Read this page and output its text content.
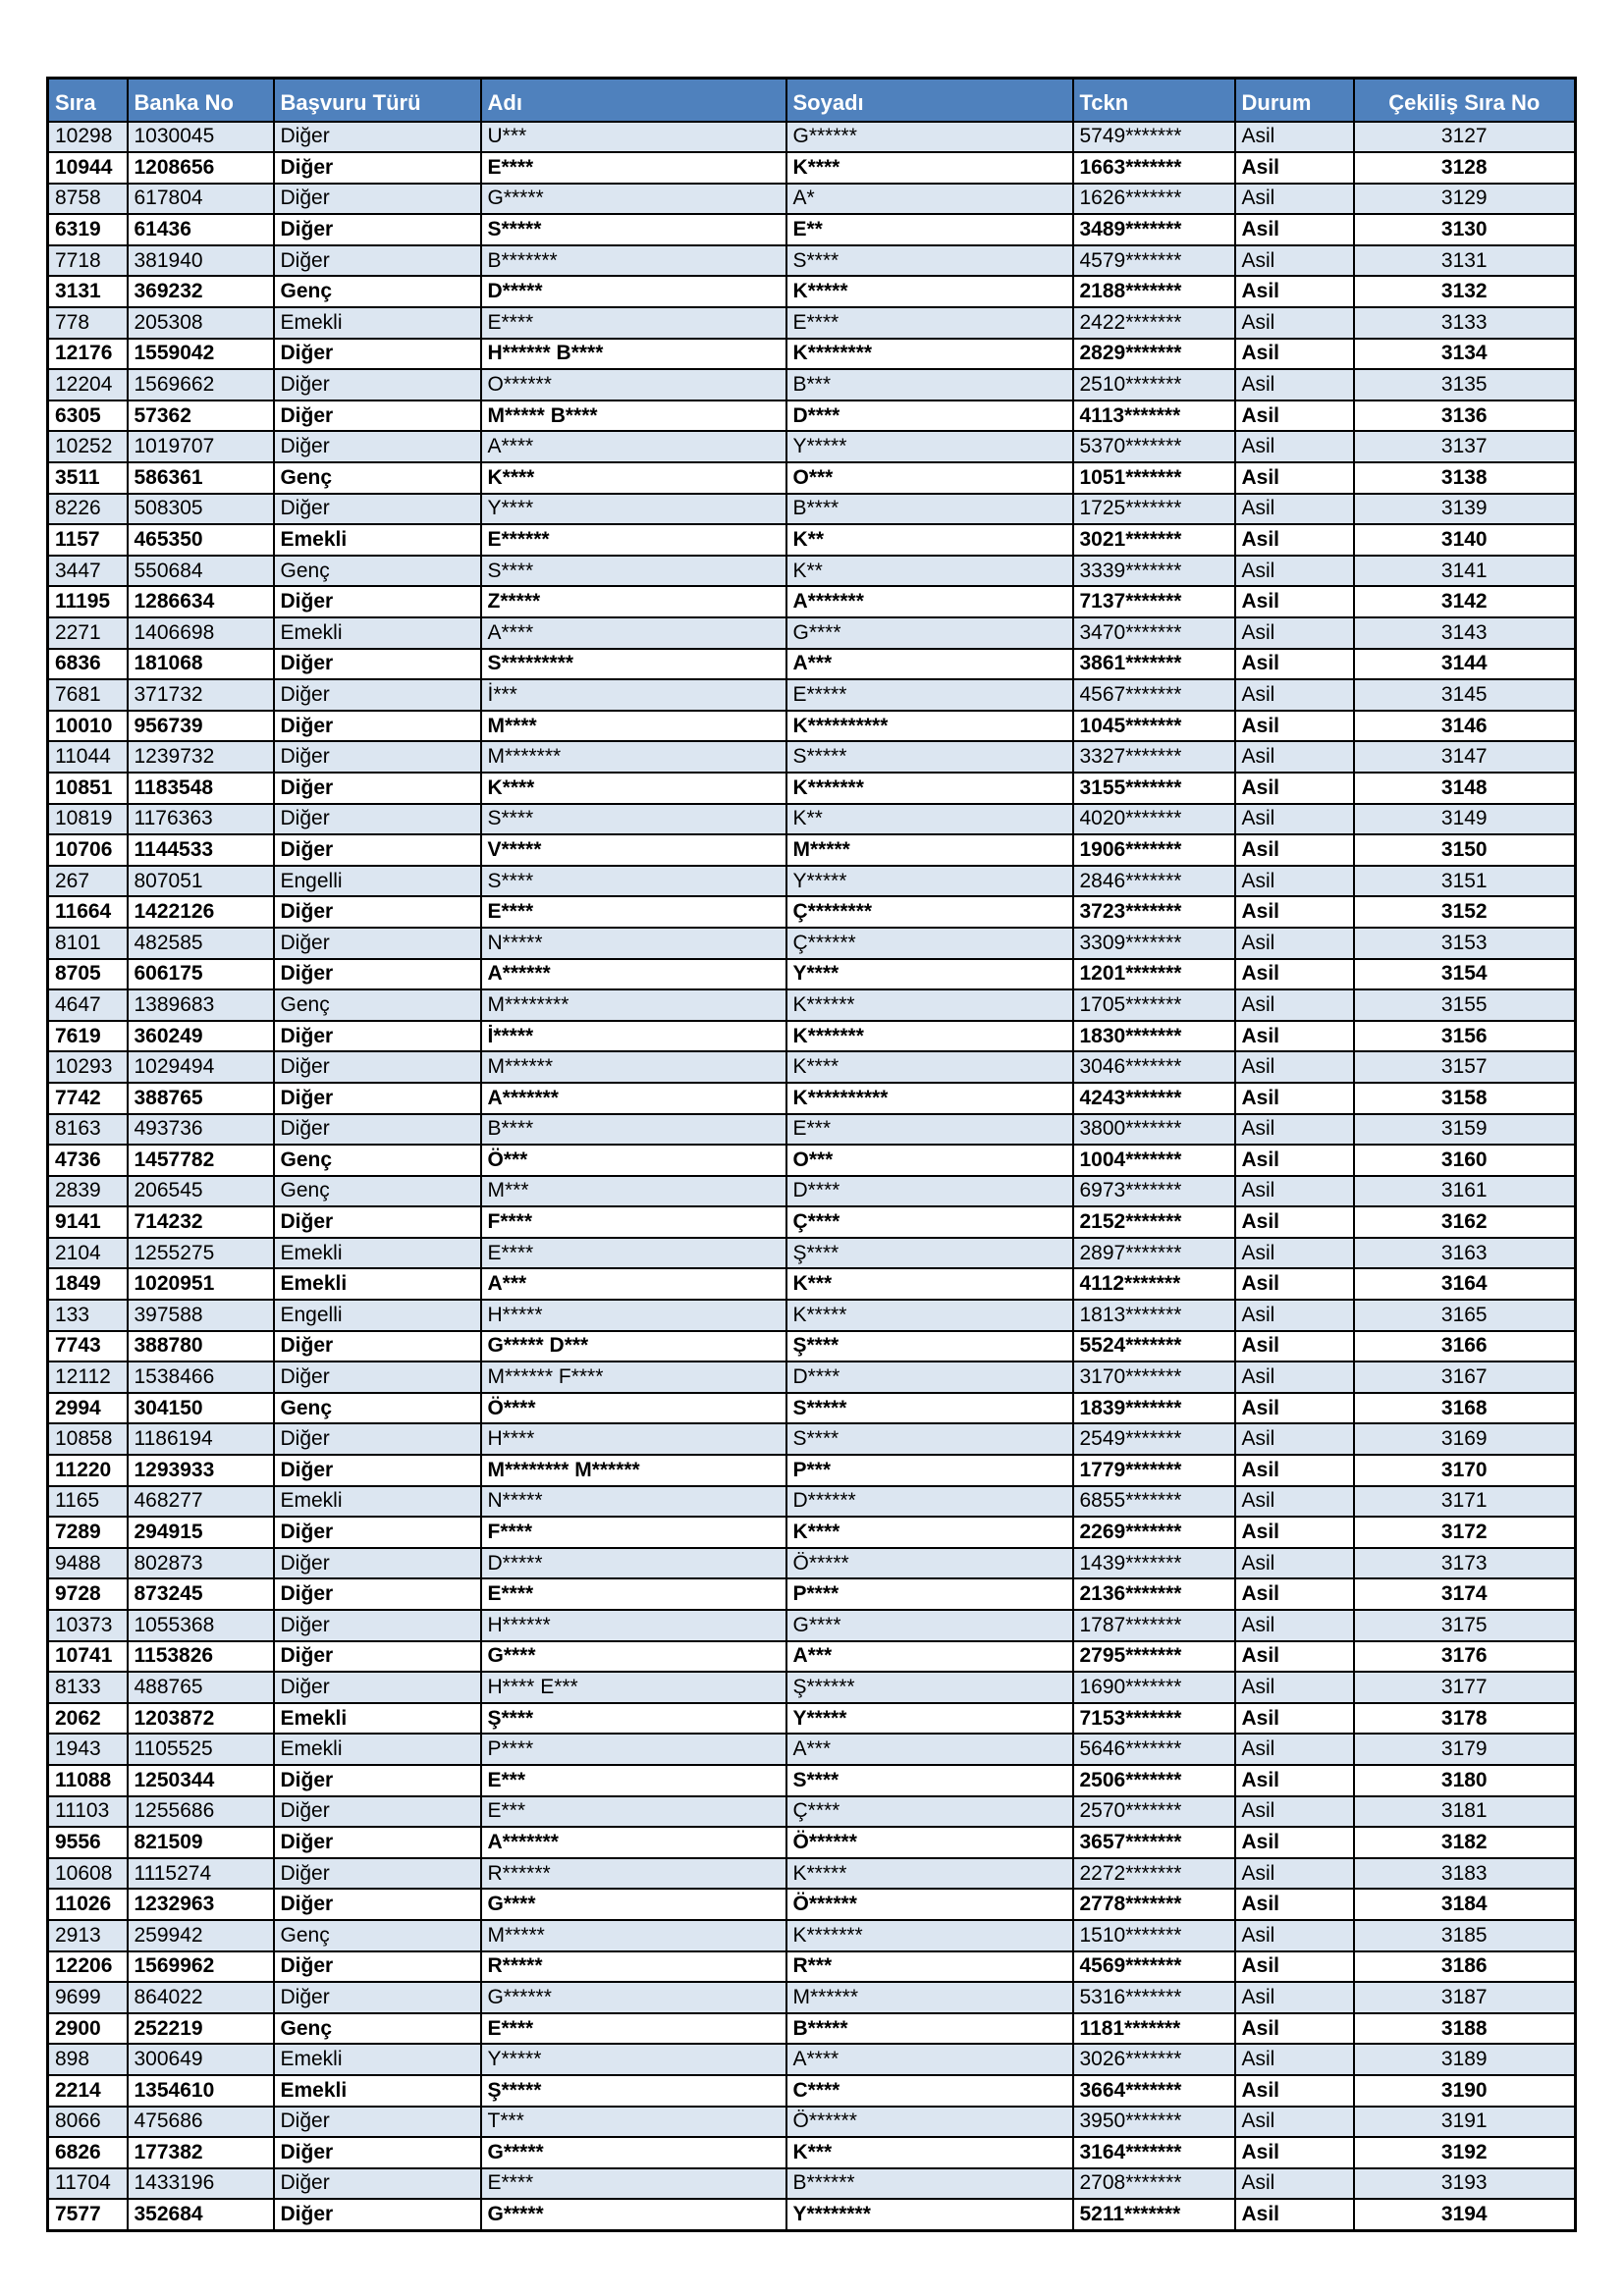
Sıra	Banka No	Başvuru Türü	Adı	Soyadı	Tckn	Durum	Çekiliş Sıra No
10298	1030045	Diğer	U***	G******	5749*******	Asil	3127
10944	1208656	Diğer	E****	K****	1663*******	Asil	3128
8758	617804	Diğer	G*****	A*	1626*******	Asil	3129
6319	61436	Diğer	S*****	E**	3489*******	Asil	3130
7718	381940	Diğer	B*******	S****	4579*******	Asil	3131
3131	369232	Genç	D*****	K*****	2188*******	Asil	3132
778	205308	Emekli	E****	E****	2422*******	Asil	3133
12176	1559042	Diğer	H****** B****	K********	2829*******	Asil	3134
12204	1569662	Diğer	O******	B***	2510*******	Asil	3135
6305	57362	Diğer	M***** B****	D****	4113*******	Asil	3136
10252	1019707	Diğer	A****	Y*****	5370*******	Asil	3137
3511	586361	Genç	K****	O***	1051*******	Asil	3138
8226	508305	Diğer	Y****	B****	1725*******	Asil	3139
1157	465350	Emekli	E******	K**	3021*******	Asil	3140
3447	550684	Genç	S****	K**	3339*******	Asil	3141
11195	1286634	Diğer	Z*****	A*******	7137*******	Asil	3142
2271	1406698	Emekli	A****	G****	3470*******	Asil	3143
6836	181068	Diğer	S*********	A***	3861*******	Asil	3144
7681	371732	Diğer	İ***	E*****	4567*******	Asil	3145
10010	956739	Diğer	M****	K**********	1045*******	Asil	3146
11044	1239732	Diğer	M*******	S*****	3327*******	Asil	3147
10851	1183548	Diğer	K****	K*******	3155*******	Asil	3148
10819	1176363	Diğer	S****	K**	4020*******	Asil	3149
10706	1144533	Diğer	V*****	M*****	1906*******	Asil	3150
267	807051	Engelli	S****	Y*****	2846*******	Asil	3151
11664	1422126	Diğer	E****	Ç********	3723*******	Asil	3152
8101	482585	Diğer	N*****	Ç******	3309*******	Asil	3153
8705	606175	Diğer	A******	Y****	1201*******	Asil	3154
4647	1389683	Genç	M********	K******	1705*******	Asil	3155
7619	360249	Diğer	İ*****	K*******	1830*******	Asil	3156
10293	1029494	Diğer	M******	K****	3046*******	Asil	3157
7742	388765	Diğer	A*******	K**********	4243*******	Asil	3158
8163	493736	Diğer	B****	E***	3800*******	Asil	3159
4736	1457782	Genç	Ö***	O***	1004*******	Asil	3160
2839	206545	Genç	M***	D****	6973*******	Asil	3161
9141	714232	Diğer	F****	Ç****	2152*******	Asil	3162
2104	1255275	Emekli	E****	Ş****	2897*******	Asil	3163
1849	1020951	Emekli	A***	K***	4112*******	Asil	3164
133	397588	Engelli	H*****	K*****	1813*******	Asil	3165
7743	388780	Diğer	G***** D***	Ş****	5524*******	Asil	3166
12112	1538466	Diğer	M****** F****	D****	3170*******	Asil	3167
2994	304150	Genç	Ö****	S*****	1839*******	Asil	3168
10858	1186194	Diğer	H****	S****	2549*******	Asil	3169
11220	1293933	Diğer	M******** M******	P***	1779*******	Asil	3170
1165	468277	Emekli	N*****	D******	6855*******	Asil	3171
7289	294915	Diğer	F****	K****	2269*******	Asil	3172
9488	802873	Diğer	D*****	Ö*****	1439*******	Asil	3173
9728	873245	Diğer	E****	P****	2136*******	Asil	3174
10373	1055368	Diğer	H******	G****	1787*******	Asil	3175
10741	1153826	Diğer	G****	A***	2795*******	Asil	3176
8133	488765	Diğer	H**** E***	Ş******	1690*******	Asil	3177
2062	1203872	Emekli	Ş****	Y*****	7153*******	Asil	3178
1943	1105525	Emekli	P****	A***	5646*******	Asil	3179
11088	1250344	Diğer	E***	S****	2506*******	Asil	3180
11103	1255686	Diğer	E***	Ç****	2570*******	Asil	3181
9556	821509	Diğer	A*******	Ö******	3657*******	Asil	3182
10608	1115274	Diğer	R******	K*****	2272*******	Asil	3183
11026	1232963	Diğer	G****	Ö******	2778*******	Asil	3184
2913	259942	Genç	M*****	K*******	1510*******	Asil	3185
12206	1569962	Diğer	R*****	R***	4569*******	Asil	3186
9699	864022	Diğer	G******	M******	5316*******	Asil	3187
2900	252219	Genç	E****	B*****	1181*******	Asil	3188
898	300649	Emekli	Y*****	A****	3026*******	Asil	3189
2214	1354610	Emekli	Ş*****	C****	3664*******	Asil	3190
8066	475686	Diğer	T***	Ö******	3950*******	Asil	3191
6826	177382	Diğer	G*****	K***	3164*******	Asil	3192
11704	1433196	Diğer	E****	B******	2708*******	Asil	3193
7577	352684	Diğer	G*****	Y********	5211*******	Asil	3194
